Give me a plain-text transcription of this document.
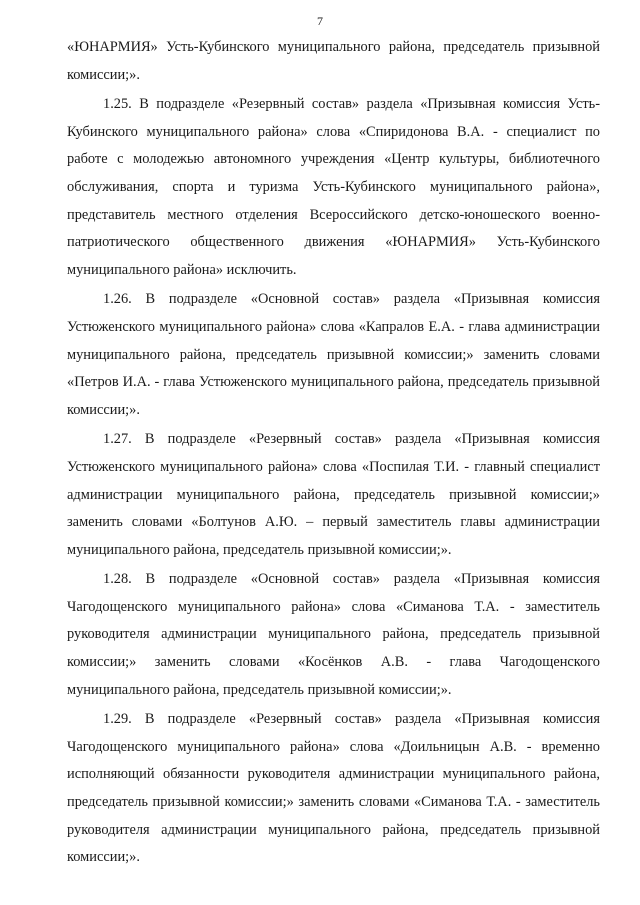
7

«ЮНАРМИЯ» Усть-Кубинского муниципального района, председатель призывной комиссии;».

1.25. В подразделе «Резервный состав» раздела «Призывная комиссия Усть-Кубинского муниципального района» слова «Спиридонова В.А. - специалист по работе с молодежью автономного учреждения «Центр культуры, библиотечного обслуживания, спорта и туризма Усть-Кубинского муниципального района», представитель местного отделения Всероссийского детско-юношеского военно-патриотического общественного движения «ЮНАРМИЯ» Усть-Кубинского муниципального района» исключить.

1.26. В подразделе «Основной состав» раздела «Призывная комиссия Устюженского муниципального района» слова «Капралов Е.А. - глава администрации муниципального района, председатель призывной комиссии;» заменить словами «Петров И.А. - глава Устюженского муниципального района, председатель призывной комиссии;».

1.27. В подразделе «Резервный состав» раздела «Призывная комиссия Устюженского муниципального района» слова «Поспилая Т.И. - главный специалист администрации муниципального района, председатель призывной комиссии;» заменить словами «Болтунов А.Ю. – первый заместитель главы администрации муниципального района, председатель призывной комиссии;».

1.28. В подразделе «Основной состав» раздела «Призывная комиссия Чагодощенского муниципального района» слова «Симанова Т.А. - заместитель руководителя администрации муниципального района, председатель призывной комиссии;» заменить словами «Косёнков А.В. - глава Чагодощенского муниципального района, председатель призывной комиссии;».

1.29. В подразделе «Резервный состав» раздела «Призывная комиссия Чагодощенского муниципального района» слова «Доильницын А.В. - временно исполняющий обязанности руководителя администрации муниципального района, председатель призывной комиссии;» заменить словами «Симанова Т.А. - заместитель руководителя администрации муниципального района, председатель призывной комиссии;».
